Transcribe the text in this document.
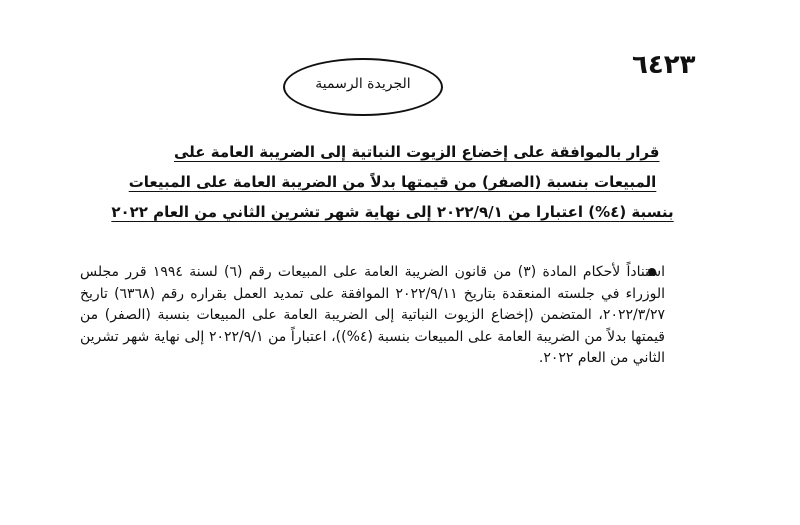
٦٤٢٣
الجريدة الرسمية
قرار بالموافقة على إخضاع الزيوت النباتية إلى الضريبة العامة على
المبيعات بنسبة (الصفر) من قيمتها بدلاً من الضريبة العامة على المبيعات
بنسبة (٤%) اعتبارا من ٢٠٢٢/٩/١ إلى نهاية شهر تشرين الثاني من العام ٢٠٢٢

استناداً لأحكام المادة (٣) من قانون الضريبة العامة على المبيعات رقم (٦) لسنة ١٩٩٤ قرر مجلس الوزراء في جلسته المنعقدة بتاريخ ٢٠٢٢/٩/١١ الموافقة على تمديد العمل بقراره رقم (٦٣٦٨) تاريخ ٢٠٢٢/٣/٢٧، المتضمن (إخضاع الزيوت النباتية إلى الضريبة العامة على المبيعات بنسبة (الصفر) من قيمتها بدلاً من الضريبة العامة على المبيعات بنسبة (٤%))، اعتباراً من ٢٠٢٢/٩/١ إلى نهاية شهر تشرين الثاني من العام ٢٠٢٢.
